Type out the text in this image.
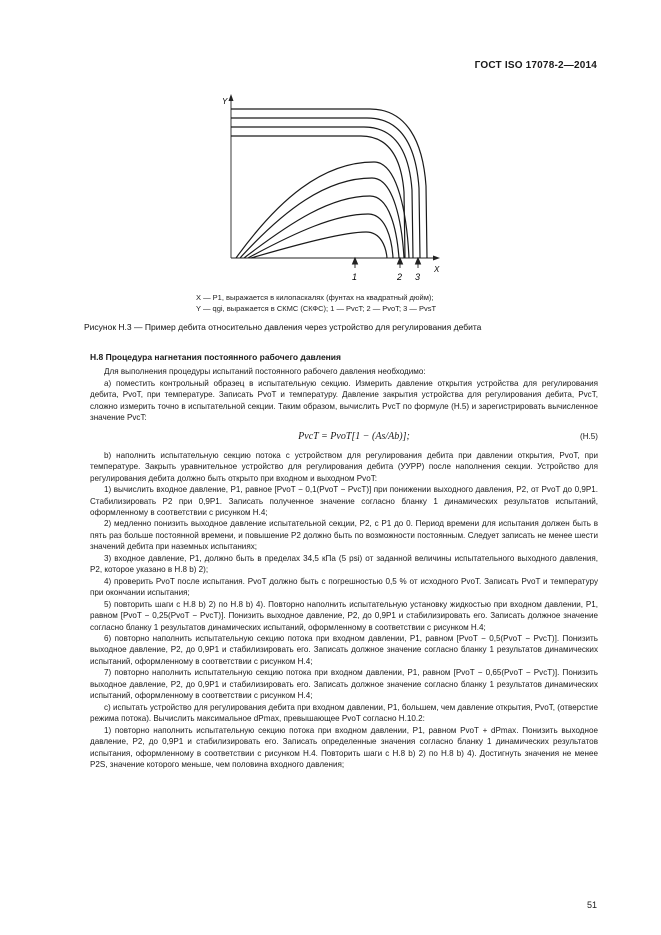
ГОСТ ISO 17078-2—2014
Y
X
1	2 3
X — P1, выражается в килопаскалях (фунтах на квадратный дюйм);
Y — qgi, выражается в СКМС (СКФС); 1 — PvcT; 2 — PvoT; 3 — PvsT
Рисунок Н.3 — Пример дебита относительно давления через устройство для регулирования дебита

Н.8 Процедура нагнетания постоянного рабочего давления

Для выполнения процедуры испытаний постоянного рабочего давления необходимо:

а) поместить контрольный образец в испытательную секцию. Измерить давление открытия устройства для регулирования дебита, PvoT, при температуре. Записать PvoT и температуру. Давление закрытия устройства для регулирования дебита, PvcT, сложно измерить точно в испытательной секции. Таким образом, вычислить PvcT по формуле (Н.5) и зарегистрировать вычисленное значение PvcT:

PvcT = PvoT[1 − (As/Ab)];	(Н.5)

b) наполнить испытательную секцию потока с устройством для регулирования дебита при давлении открытия, PvoT, при температуре. Закрыть уравнительное устройство для регулирования дебита (УУРР) после наполнения секции. Устройство для регулирования дебита должно быть открыто при входном и выходном PvoT:

1) вычислить входное давление, P1, равное [PvoT − 0,1(PvoT − PvcT)] при понижении выходного давления, P2, от PvoT до 0,9P1. Стабилизировать P2 при 0,9P1. Записать полученное значение согласно бланку 1 динамических результатов испытаний, оформленному в соответствии с рисунком Н.4;

2) медленно понизить выходное давление испытательной секции, P2, с P1 до 0. Период времени для испытания должен быть в пять раз больше постоянной времени, и повышение P2 должно быть по возможности постоянным. Следует записать не менее шести значений дебита при наземных испытаниях;

3) входное давление, P1, должно быть в пределах 34,5 кПа (5 psi) от заданной величины испытательного выходного давления, P2, которое указано в Н.8 b) 2);

4) проверить PvoT после испытания. PvoT должно быть с погрешностью 0,5 % от исходного PvoT. Записать PvoT и температуру при окончании испытания;

5) повторить шаги с Н.8 b) 2) по Н.8 b) 4). Повторно наполнить испытательную установку жидкостью при входном давлении, P1, равном [PvoT − 0,25(PvoT − PvcT)]. Понизить выходное давление, P2, до 0,9P1 и стабилизировать его. Записать должное значение согласно бланку 1 результатов динамических испытаний, оформленному в соответствии с рисунком Н.4;

6) повторно наполнить испытательную секцию потока при входном давлении, P1, равном [PvoT − 0,5(PvoT − PvcT)]. Понизить выходное давление, P2, до 0,9P1 и стабилизировать его. Записать должное значение согласно бланку 1 результатов динамических испытаний, оформленному в соответствии с рисунком Н.4;

7) повторно наполнить испытательную секцию потока при входном давлении, P1, равном [PvoT − 0,65(PvoT − PvcT)]. Понизить выходное давление, P2, до 0,9P1 и стабилизировать его. Записать должное значение согласно бланку 1 результатов динамических испытаний, оформленному в соответствии с рисунком Н.4;

c) испытать устройство для регулирования дебита при входном давлении, P1, большем, чем давление открытия, PvoT, (отверстие режима потока). Вычислить максимальное dPmax, превышающее PvoT согласно Н.10.2:

1) повторно наполнить испытательную секцию потока при входном давлении, P1, равном PvoT + dPmax. Понизить выходное давление, P2, до 0,9P1 и стабилизировать его. Записать определенные значения согласно бланку 1 динамических результатов испытания, оформленному в соответствии с рисунком Н.4. Повторить шаги с Н.8 b) 2) по Н.8 b) 4). Достигнуть значения не менее P2S, значение которого меньше, чем половина входного давления;

51
